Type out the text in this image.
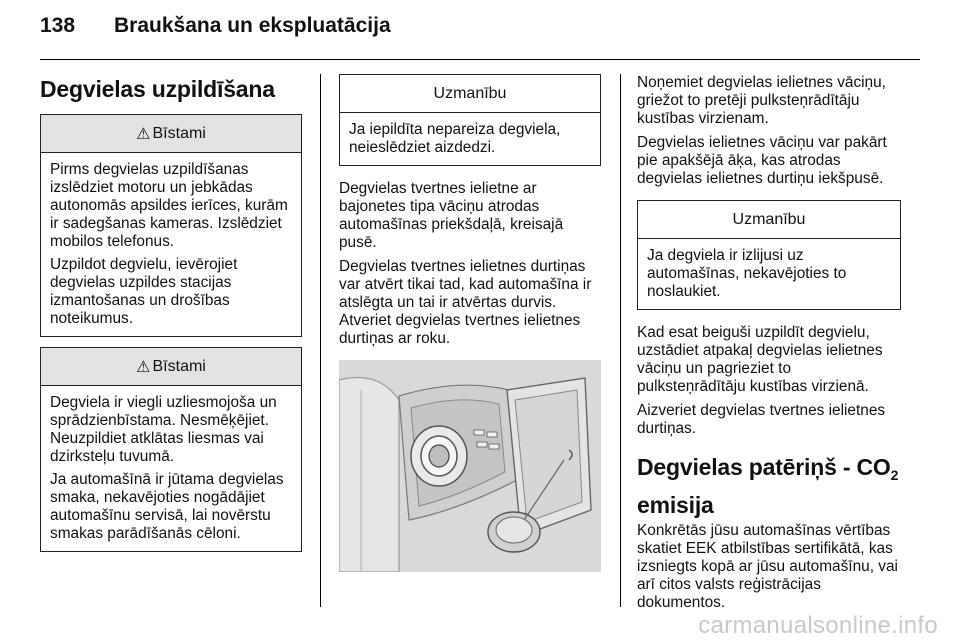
138 Braukšana un ekspluatācija
Degvielas uzpildīšana
⚠ Bīstami

Pirms degvielas uzpildīšanas izslēdziet motoru un jebkādas autonomās apsildes ierīces, kurām ir sadegšanas kameras. Izslēdziet mobilos telefonus.

Uzpildot degvielu, ievērojiet degvielas uzpildes stacijas izmantošanas un drošības noteikumus.

⚠ Bīstami

Degviela ir viegli uzliesmojoša un sprādzienbīstama. Nesmēķējiet. Neuzpildiet atklātas liesmas vai dzirksteļu tuvumā.

Ja automašīnā ir jūtama degvielas smaka, nekavējoties nogādājiet automašīnu servisā, lai novērstu smakas parādīšanās cēloni.

Uzmanību

Ja iepildīta nepareiza degviela, neieslēdziet aizdedzi.

Degvielas tvertnes ielietne ar bajonetes tipa vāciņu atrodas automašīnas priekšdaļā, kreisajā pusē.

Degvielas tvertnes ielietnes durtiņas var atvērt tikai tad, kad automašīna ir atslēgta un tai ir atvērtas durvis. Atveriet degvielas tvertnes ielietnes durtiņas ar roku.

Noņemiet degvielas ielietnes vāciņu, griežot to pretēji pulksteņrādītāju kustības virzienam.

Degvielas ielietnes vāciņu var pakārt pie apakšējā āķa, kas atrodas degvielas ielietnes durtiņu iekšpusē.

Uzmanību

Ja degviela ir izlijusi uz automašīnas, nekavējoties to noslaukiet.

Kad esat beiguši uzpildīt degvielu, uzstādiet atpakaļ degvielas ielietnes vāciņu un pagrieziet to pulksteņrādītāju kustības virzienā.

Aizveriet degvielas tvertnes ielietnes durtiņas.

Degvielas patēriņš - $CO_2$
emisija

Konkrētās jūsu automašīnas vērtības skatiet EEK atbilstības sertifikātā, kas izsniegts kopā ar jūsu automašīnu, vai arī citos valsts reģistrācijas dokumentos.

carmanualsonline.info
